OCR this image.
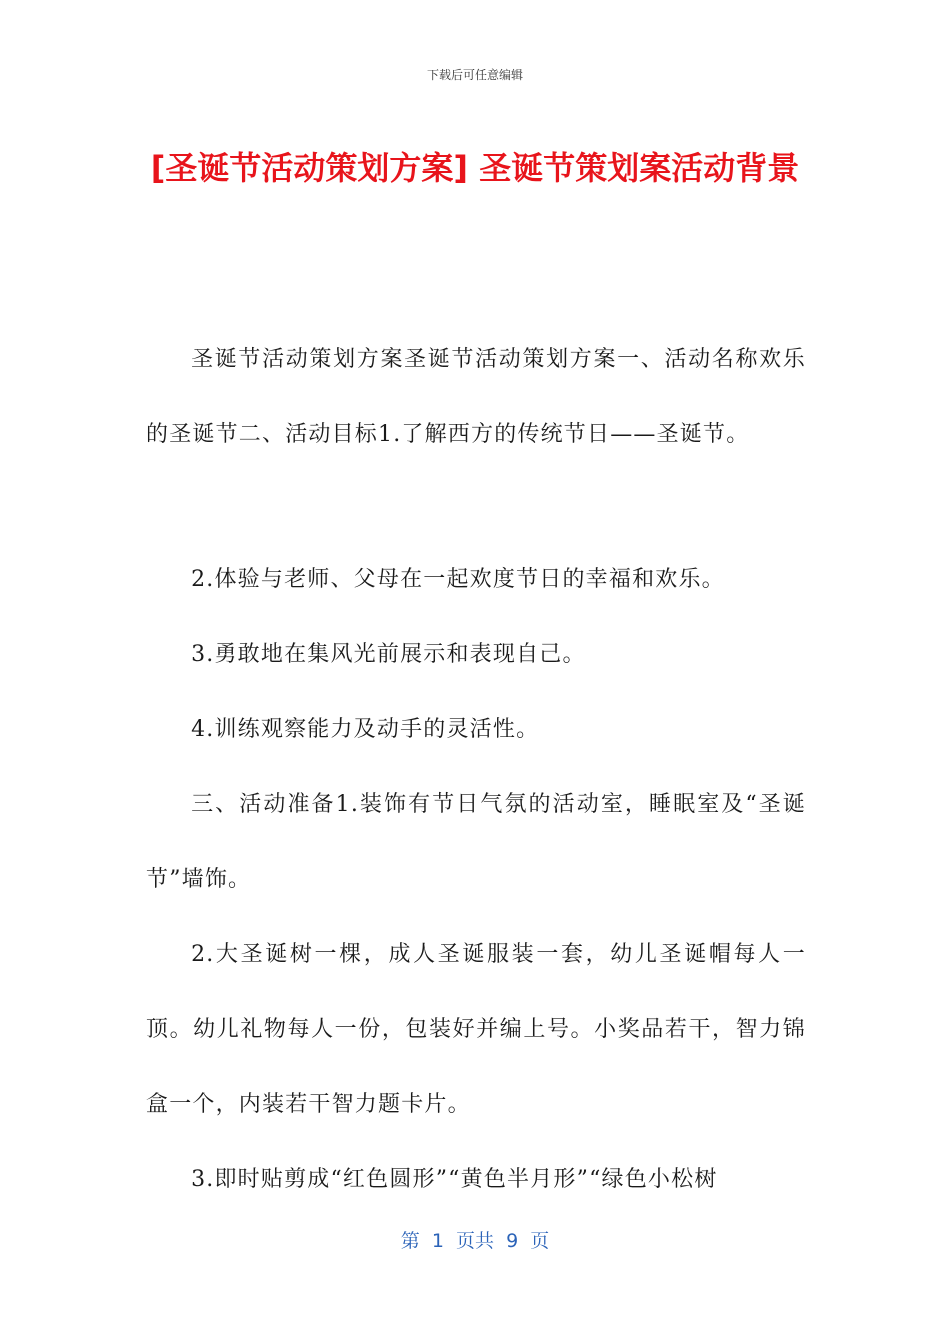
下载后可任意编辑
[圣诞节活动策划方案] 圣诞节策划案活动背景

圣诞节活动策划方案圣诞节活动策划方案一、活动名称欢乐的圣诞节二、活动目标1.了解西方的传统节日——圣诞节。

2.体验与老师、父母在一起欢度节日的幸福和欢乐。

3.勇敢地在集风光前展示和表现自己。

4.训练观察能力及动手的灵活性。

三、活动准备1.装饰有节日气氛的活动室，睡眠室及“圣诞节”墙饰。

2.大圣诞树一棵，成人圣诞服装一套，幼儿圣诞帽每人一顶。幼儿礼物每人一份，包装好并编上号。小奖品若干，智力锦盒一个，内装若干智力题卡片。

3.即时贴剪成“红色圆形”“黄色半月形”“绿色小松树

第  1  页共  9  页
